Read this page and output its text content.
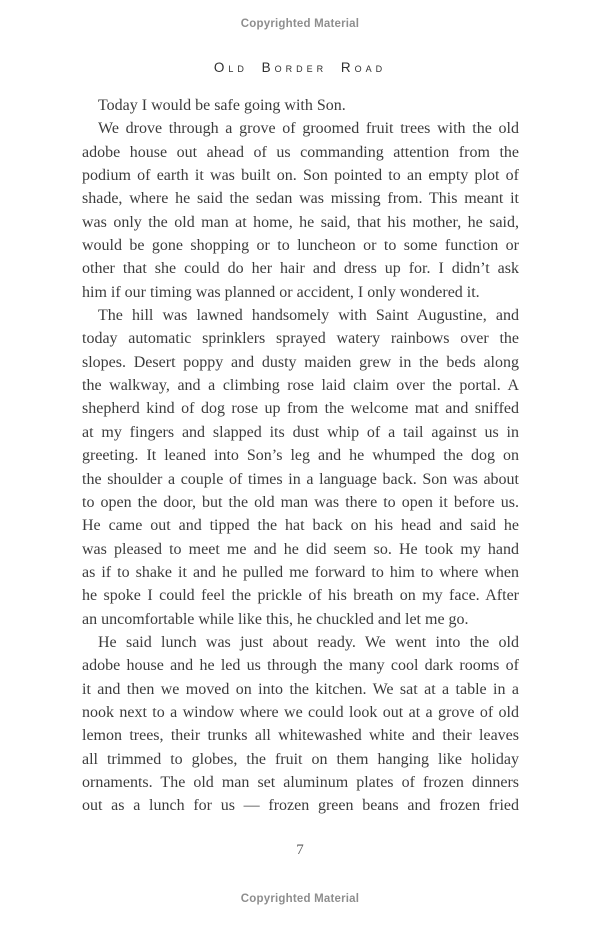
Copyrighted Material
Old Border Road
Today I would be safe going with Son.
We drove through a grove of groomed fruit trees with the old
adobe house out ahead of us commanding attention from the
podium of earth it was built on. Son pointed to an empty plot of
shade, where he said the sedan was missing from. This meant it
was only the old man at home, he said, that his mother, he said,
would be gone shopping or to luncheon or to some function or
other that she could do her hair and dress up for. I didn’t ask
him if our timing was planned or accident, I only wondered it.
The hill was lawned handsomely with Saint Augustine, and
today automatic sprinklers sprayed watery rainbows over the
slopes. Desert poppy and dusty maiden grew in the beds along
the walkway, and a climbing rose laid claim over the portal. A
shepherd kind of dog rose up from the welcome mat and sniffed
at my fingers and slapped its dust whip of a tail against us in
greeting. It leaned into Son’s leg and he whumped the dog on
the shoulder a couple of times in a language back. Son was about
to open the door, but the old man was there to open it before us.
He came out and tipped the hat back on his head and said he
was pleased to meet me and he did seem so. He took my hand
as if to shake it and he pulled me forward to him to where when
he spoke I could feel the prickle of his breath on my face. After
an uncomfortable while like this, he chuckled and let me go.
He said lunch was just about ready. We went into the old
adobe house and he led us through the many cool dark rooms of
it and then we moved on into the kitchen. We sat at a table in a
nook next to a window where we could look out at a grove of old
lemon trees, their trunks all whitewashed white and their leaves
all trimmed to globes, the fruit on them hanging like holiday
ornaments. The old man set aluminum plates of frozen dinners
out as a lunch for us — frozen green beans and frozen fried
7
Copyrighted Material
